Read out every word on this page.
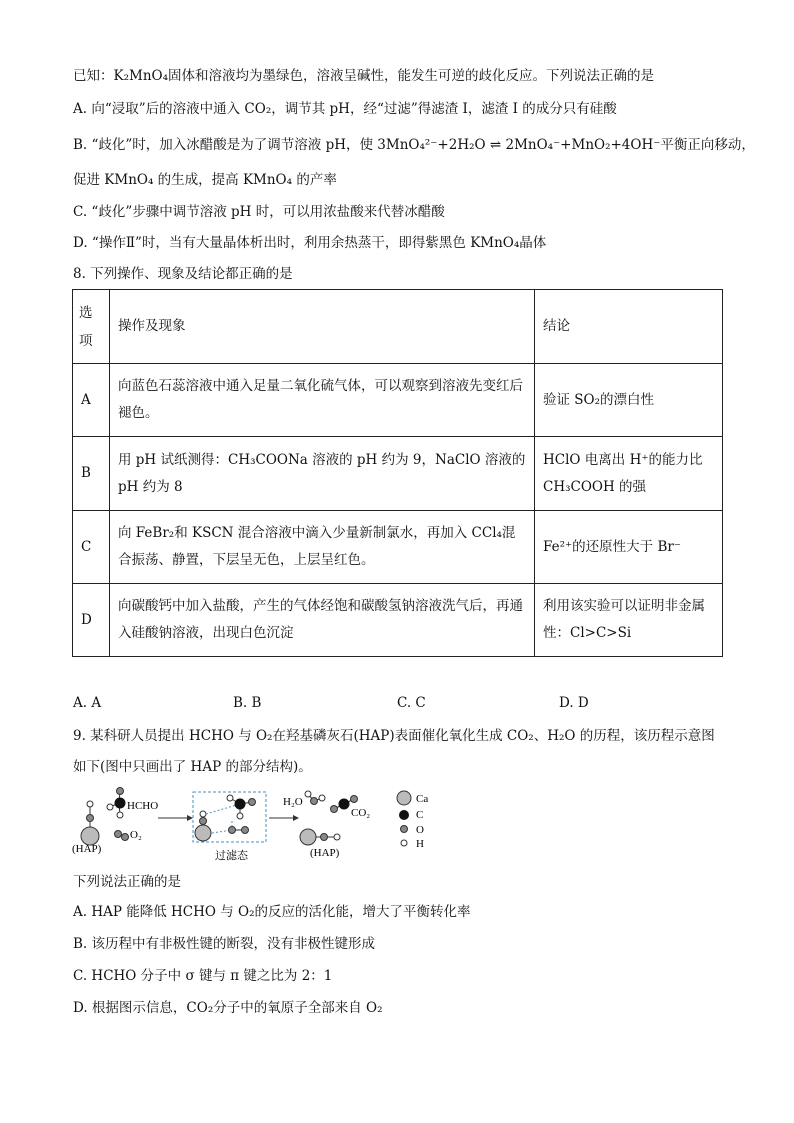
已知：K₂MnO₄固体和溶液均为墨绿色，溶液呈碱性，能发生可逆的歧化反应。下列说法正确的是
A. 向“浸取”后的溶液中通入 CO₂，调节其 pH，经“过滤”得滤渣 I，滤渣 I 的成分只有硅酸
B. “歧化”时，加入冰醋酸是为了调节溶液 pH，使 3MnO₄²⁻+2H₂O ⇌ 2MnO₄⁻+MnO₂+4OH⁻平衡正向移动，
促进 KMnO₄ 的生成，提高 KMnO₄ 的产率
C. “歧化”步骤中调节溶液 pH 时，可以用浓盐酸来代替冰醋酸
D. “操作Ⅱ”时，当有大量晶体析出时，利用余热蒸干，即得紫黑色 KMnO₄晶体
8. 下列操作、现象及结论都正确的是
选项	操作及现象	结论
A	向蓝色石蕊溶液中通入足量二氧化硫气体，可以观察到溶液先变红后褪色。	验证 SO₂的漂白性
B	用 pH 试纸测得：CH₃COONa 溶液的 pH 约为 9，NaClO 溶液的 pH 约为 8	HClO 电离出 H⁺的能力比 CH₃COOH 的强
C	向 FeBr₂和 KSCN 混合溶液中滴入少量新制氯水，再加入 CCl₄混合振荡、静置，下层呈无色，上层呈红色。	Fe²⁺的还原性大于 Br⁻
D	向碳酸钙中加入盐酸，产生的气体经饱和碳酸氢钠溶液洗气后，再通入硅酸钠溶液，出现白色沉淀	利用该实验可以证明非金属性：Cl>C>Si
A. A	B. B	C. C	D. D
9. 某科研人员提出 HCHO 与 O₂在羟基磷灰石(HAP)表面催化氧化生成 CO₂、H₂O 的历程，该历程示意图
如下(图中只画出了 HAP 的部分结构)。
HCHO
O₂
(HAP)
过滤态
H₂O
CO₂
(HAP)
Ca
C
O
H
下列说法正确的是
A. HAP 能降低 HCHO 与 O₂的反应的活化能，增大了平衡转化率
B. 该历程中有非极性键的断裂，没有非极性键形成
C. HCHO 分子中 σ 键与 π 键之比为 2：1
D. 根据图示信息，CO₂分子中的氧原子全部来自 O₂
